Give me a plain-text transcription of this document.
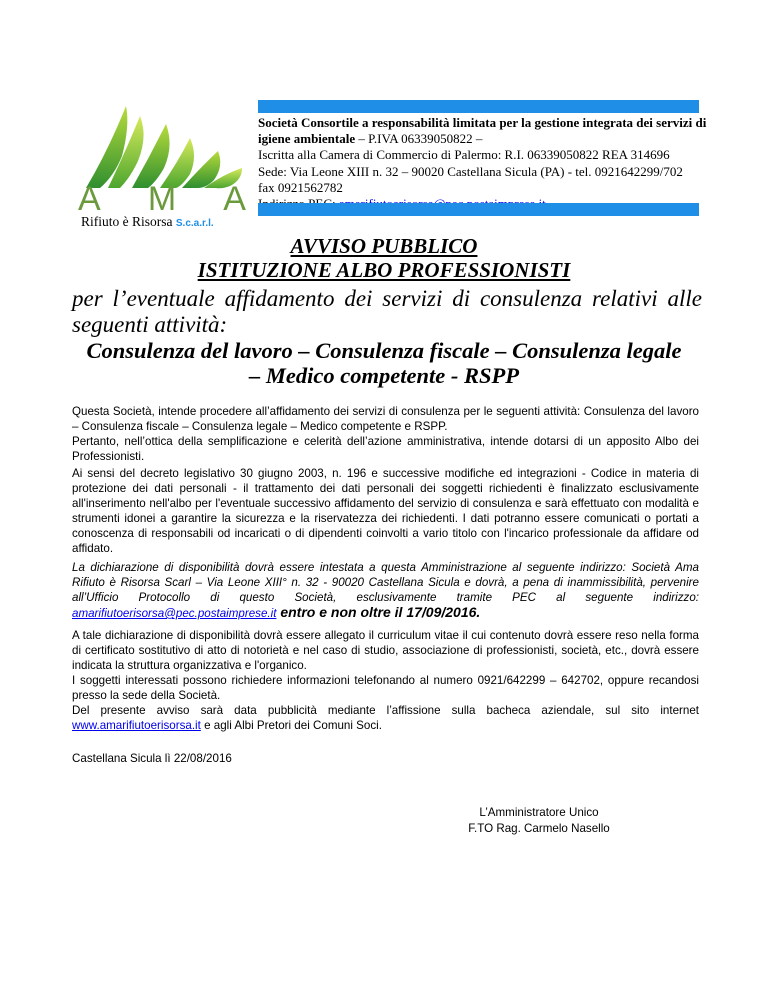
A M A
Rifiuto è Risorsa S.c.a.r.l.
Società Consortile a responsabilità limitata per la gestione integrata dei servizi di
igiene ambientale – P.IVA 06339050822 –
Iscritta alla Camera di Commercio di Palermo: R.I. 06339050822 REA 314696
Sede: Via Leone XIII n. 32 – 90020 Castellana Sicula (PA) - tel. 0921642299/702
fax 0921562782
AVVISO PUBBLICO
ISTITUZIONE ALBO PROFESSIONISTI
per l’eventuale affidamento dei servizi di consulenza relativi alle seguenti attività:
Consulenza del lavoro – Consulenza fiscale – Consulenza legale
– Medico competente - RSPP
Questa Società, intende procedere all’affidamento dei servizi di consulenza per le seguenti attività: Consulenza del lavoro – Consulenza fiscale – Consulenza legale – Medico competente e RSPP.
Pertanto, nell’ottica della semplificazione e celerità dell’azione amministrativa, intende dotarsi di un apposito Albo dei Professionisti.
Ai sensi del decreto legislativo 30 giugno 2003, n. 196 e successive modifiche ed integrazioni - Codice in materia di protezione dei dati personali - il trattamento dei dati personali dei soggetti richiedenti è finalizzato esclusivamente all'inserimento nell'albo per l'eventuale successivo affidamento del servizio di consulenza e sarà effettuato con modalità e strumenti idonei a garantire la sicurezza e la riservatezza dei richiedenti. I dati potranno essere comunicati o portati a conoscenza di responsabili od incaricati o di dipendenti coinvolti a vario titolo con l'incarico professionale da affidare od affidato.
La dichiarazione di disponibilità dovrà essere intestata a questa Amministrazione al seguente indirizzo: Società Ama Rifiuto è Risorsa Scarl – Via Leone XIII° n. 32 - 90020 Castellana Sicula e dovrà, a pena di inammissibilità, pervenire all’Ufficio Protocollo di questo Società, esclusivamente tramite PEC al seguente indirizzo: amarifiutoerisorsa@pec.postaimprese.it entro e non oltre il 17/09/2016.
A tale dichiarazione di disponibilità dovrà essere allegato il curriculum vitae il cui contenuto dovrà essere reso nella forma di certificato sostitutivo di atto di notorietà e nel caso di studio, associazione di professionisti, società, etc., dovrà essere indicata la struttura organizzativa e l'organico.
I soggetti interessati possono richiedere informazioni telefonando al numero 0921/642299 – 642702, oppure recandosi presso la sede della Società.
Del presente avviso sarà data pubblicità mediante l’affissione sulla bacheca aziendale, sul sito internet www.amarifiutoerisorsa.it e agli Albi Pretori dei Comuni Soci.
Castellana Sicula lì 22/08/2016
L’Amministratore Unico
F.TO Rag. Carmelo Nasello
